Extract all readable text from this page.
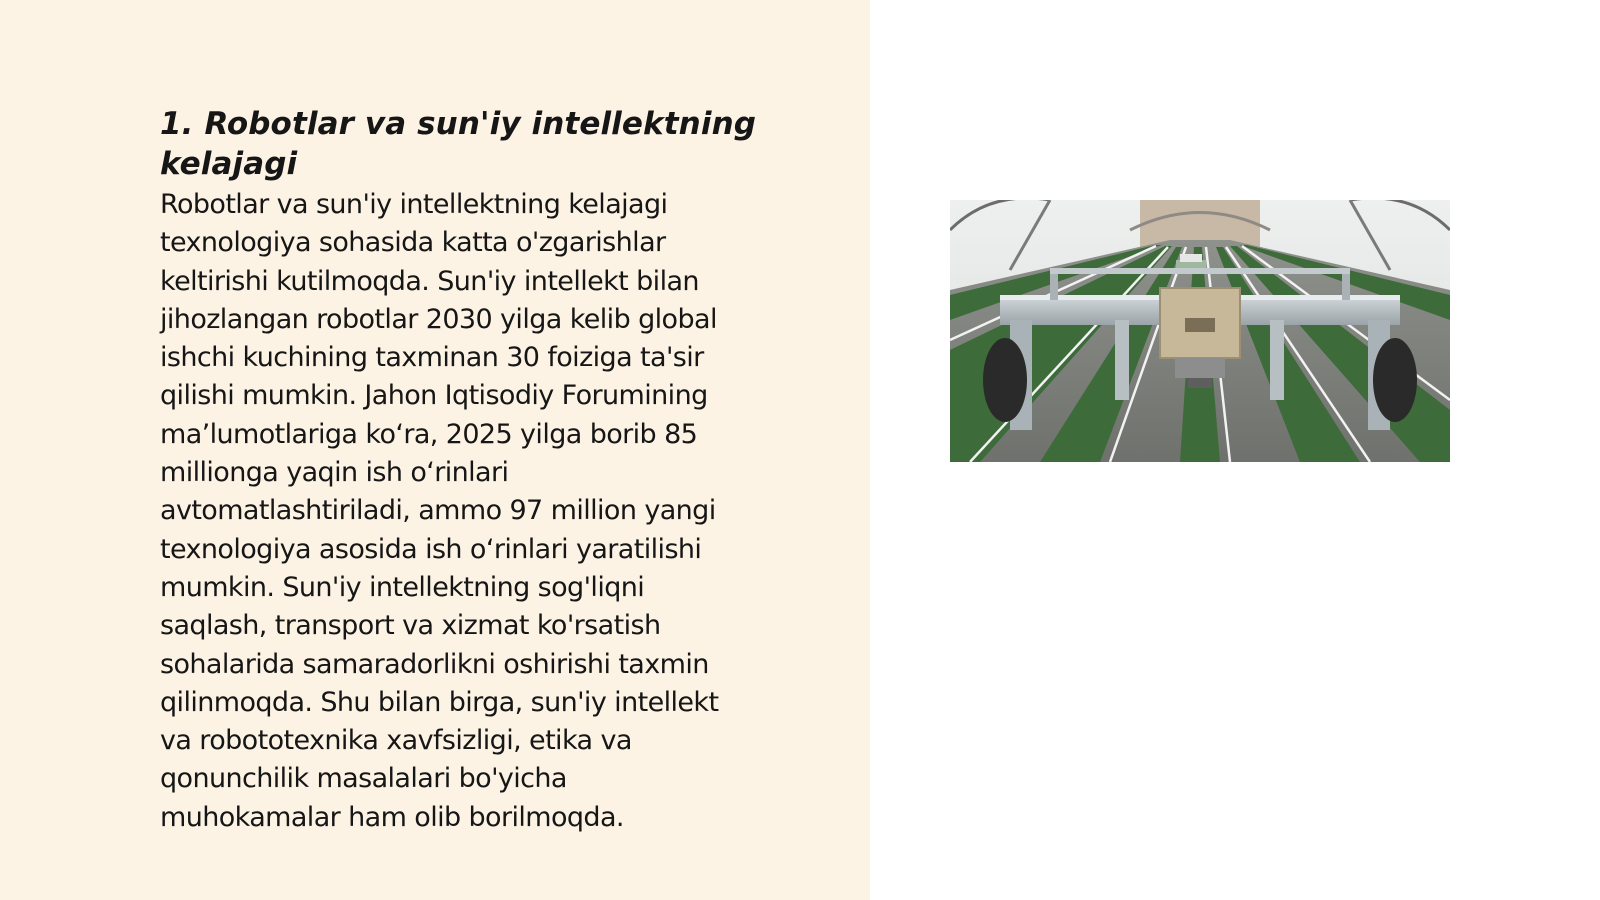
1. Robotlar va sun'iy intellektning kelajagi
Robotlar va sun'iy intellektning kelajagi
texnologiya sohasida katta o'zgarishlar
keltirishi kutilmoqda. Sun'iy intellekt bilan
jihozlangan robotlar 2030 yilga kelib global
ishchi kuchining taxminan 30 foiziga ta'sir
qilishi mumkin. Jahon Iqtisodiy Forumining
ma’lumotlariga ko‘ra, 2025 yilga borib 85
millionga yaqin ish o‘rinlari
avtomatlashtiriladi, ammo 97 million yangi
texnologiya asosida ish o‘rinlari yaratilishi
mumkin. Sun'iy intellektning sog'liqni
saqlash, transport va xizmat ko'rsatish
sohalarida samaradorlikni oshirishi taxmin
qilinmoqda. Shu bilan birga, sun'iy intellekt
va robototexnika xavfsizligi, etika va
qonunchilik masalalari bo'yicha
muhokamalar ham olib borilmoqda.
